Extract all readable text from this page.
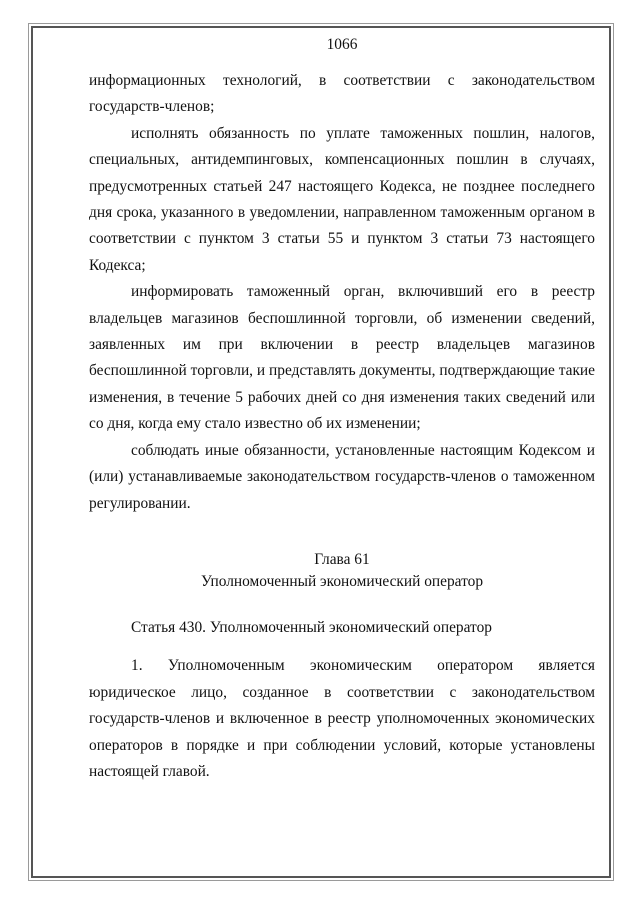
1066

информационных технологий, в соответствии с законодательством государств-членов;

исполнять обязанность по уплате таможенных пошлин, налогов, специальных, антидемпинговых, компенсационных пошлин в случаях, предусмотренных статьей 247 настоящего Кодекса, не позднее последнего дня срока, указанного в уведомлении, направленном таможенным органом в соответствии с пунктом 3 статьи 55 и пунктом 3 статьи 73 настоящего Кодекса;

информировать таможенный орган, включивший его в реестр владельцев магазинов беспошлинной торговли, об изменении сведений, заявленных им при включении в реестр владельцев магазинов беспошлинной торговли, и представлять документы, подтверждающие такие изменения, в течение 5 рабочих дней со дня изменения таких сведений или со дня, когда ему стало известно об их изменении;

соблюдать иные обязанности, установленные настоящим Кодексом и (или) устанавливаемые законодательством государств-членов о таможенном регулировании.

Глава 61
Уполномоченный экономический оператор
Статья 430. Уполномоченный экономический оператор

1. Уполномоченным экономическим оператором является юридическое лицо, созданное в соответствии с законодательством государств-членов и включенное в реестр уполномоченных экономических операторов в порядке и при соблюдении условий, которые установлены настоящей главой.
